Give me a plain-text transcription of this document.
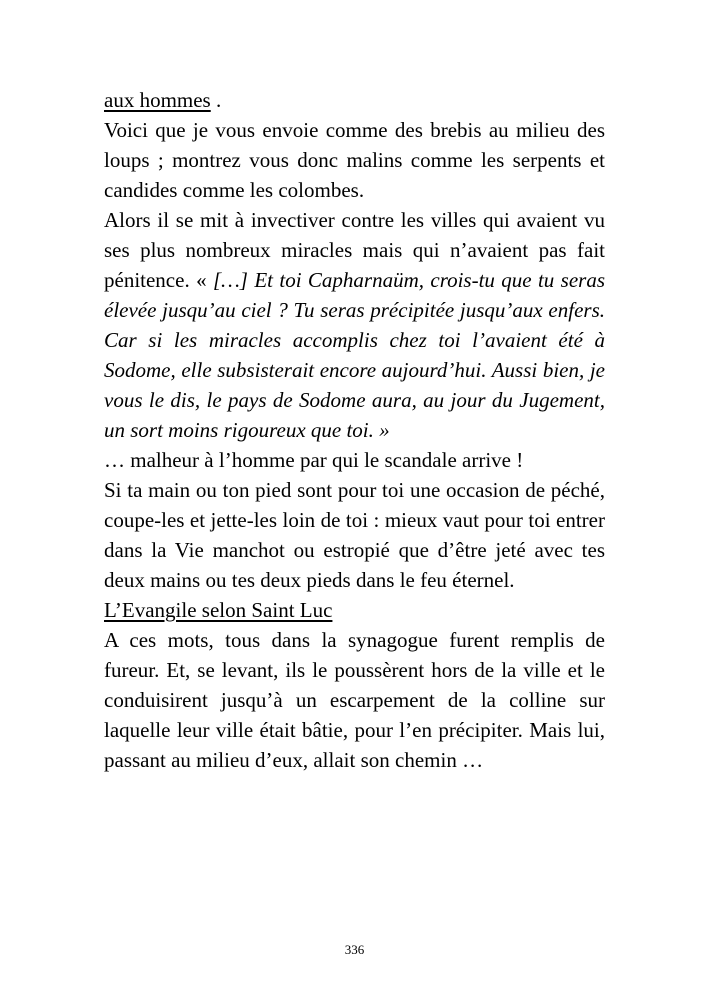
aux hommes .

Voici que je vous envoie comme des brebis au milieu des loups ; montrez vous donc malins comme les serpents et candides comme les colombes.

Alors il se mit à invectiver contre les villes qui avaient vu ses plus nombreux miracles mais qui n’avaient pas fait pénitence. « […] Et toi Capharnaüm, crois-tu que tu seras élevée jusqu’au ciel ? Tu seras précipitée jusqu’aux enfers. Car si les miracles accomplis chez toi l’avaient été à Sodome, elle subsisterait encore aujourd’hui. Aussi bien, je vous le dis, le pays de Sodome aura, au jour du Jugement, un sort moins rigoureux que toi. »

… malheur à l’homme par qui le scandale arrive !

Si ta main ou ton pied sont pour toi une occasion de péché, coupe-les et jette-les loin de toi : mieux vaut pour toi entrer dans la Vie manchot ou estropié que d’être jeté avec tes deux mains ou tes deux pieds dans le feu éternel.

L’Evangile selon Saint Luc

A ces mots, tous dans la synagogue furent remplis de fureur. Et, se levant, ils le poussèrent hors de la ville et le conduisirent jusqu’à un escarpement de la colline sur laquelle leur ville était bâtie, pour l’en précipiter. Mais lui, passant au milieu d’eux, allait son chemin …

336
